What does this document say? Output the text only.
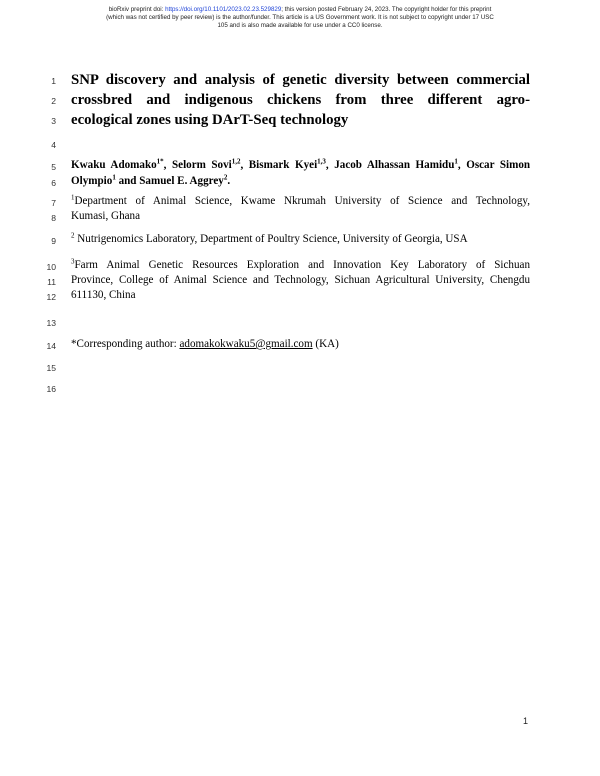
bioRxiv preprint doi: https://doi.org/10.1101/2023.02.23.529829; this version posted February 24, 2023. The copyright holder for this preprint
(which was not certified by peer review) is the author/funder. This article is a US Government work. It is not subject to copyright under 17 USC
105 and is also made available for use under a CC0 license.
1
2
3
4
5
6
7
8
9
10
11
12
13
14
15
16
SNP discovery and analysis of genetic diversity between commercial
crossbred and indigenous chickens from three different agro-
ecological zones using DArT-Seq technology
Kwaku Adomako$^{1*}$, Selorm Sovi$^{1,2}$, Bismark Kyei$^{1,3}$, Jacob Alhassan Hamidu$^1$, Oscar Simon
Olympio$^1$ and Samuel E. Aggrey$^2$.
$^1$Department of Animal Science, Kwame Nkrumah University of Science and Technology,
Kumasi, Ghana
$^2$ Nutrigenomics Laboratory, Department of Poultry Science, University of Georgia, USA
$^3$Farm Animal Genetic Resources Exploration and Innovation Key Laboratory of Sichuan
Province, College of Animal Science and Technology, Sichuan Agricultural University, Chengdu
611130, China
*Corresponding author: adomakokwaku5@gmail.com (KA)
1
